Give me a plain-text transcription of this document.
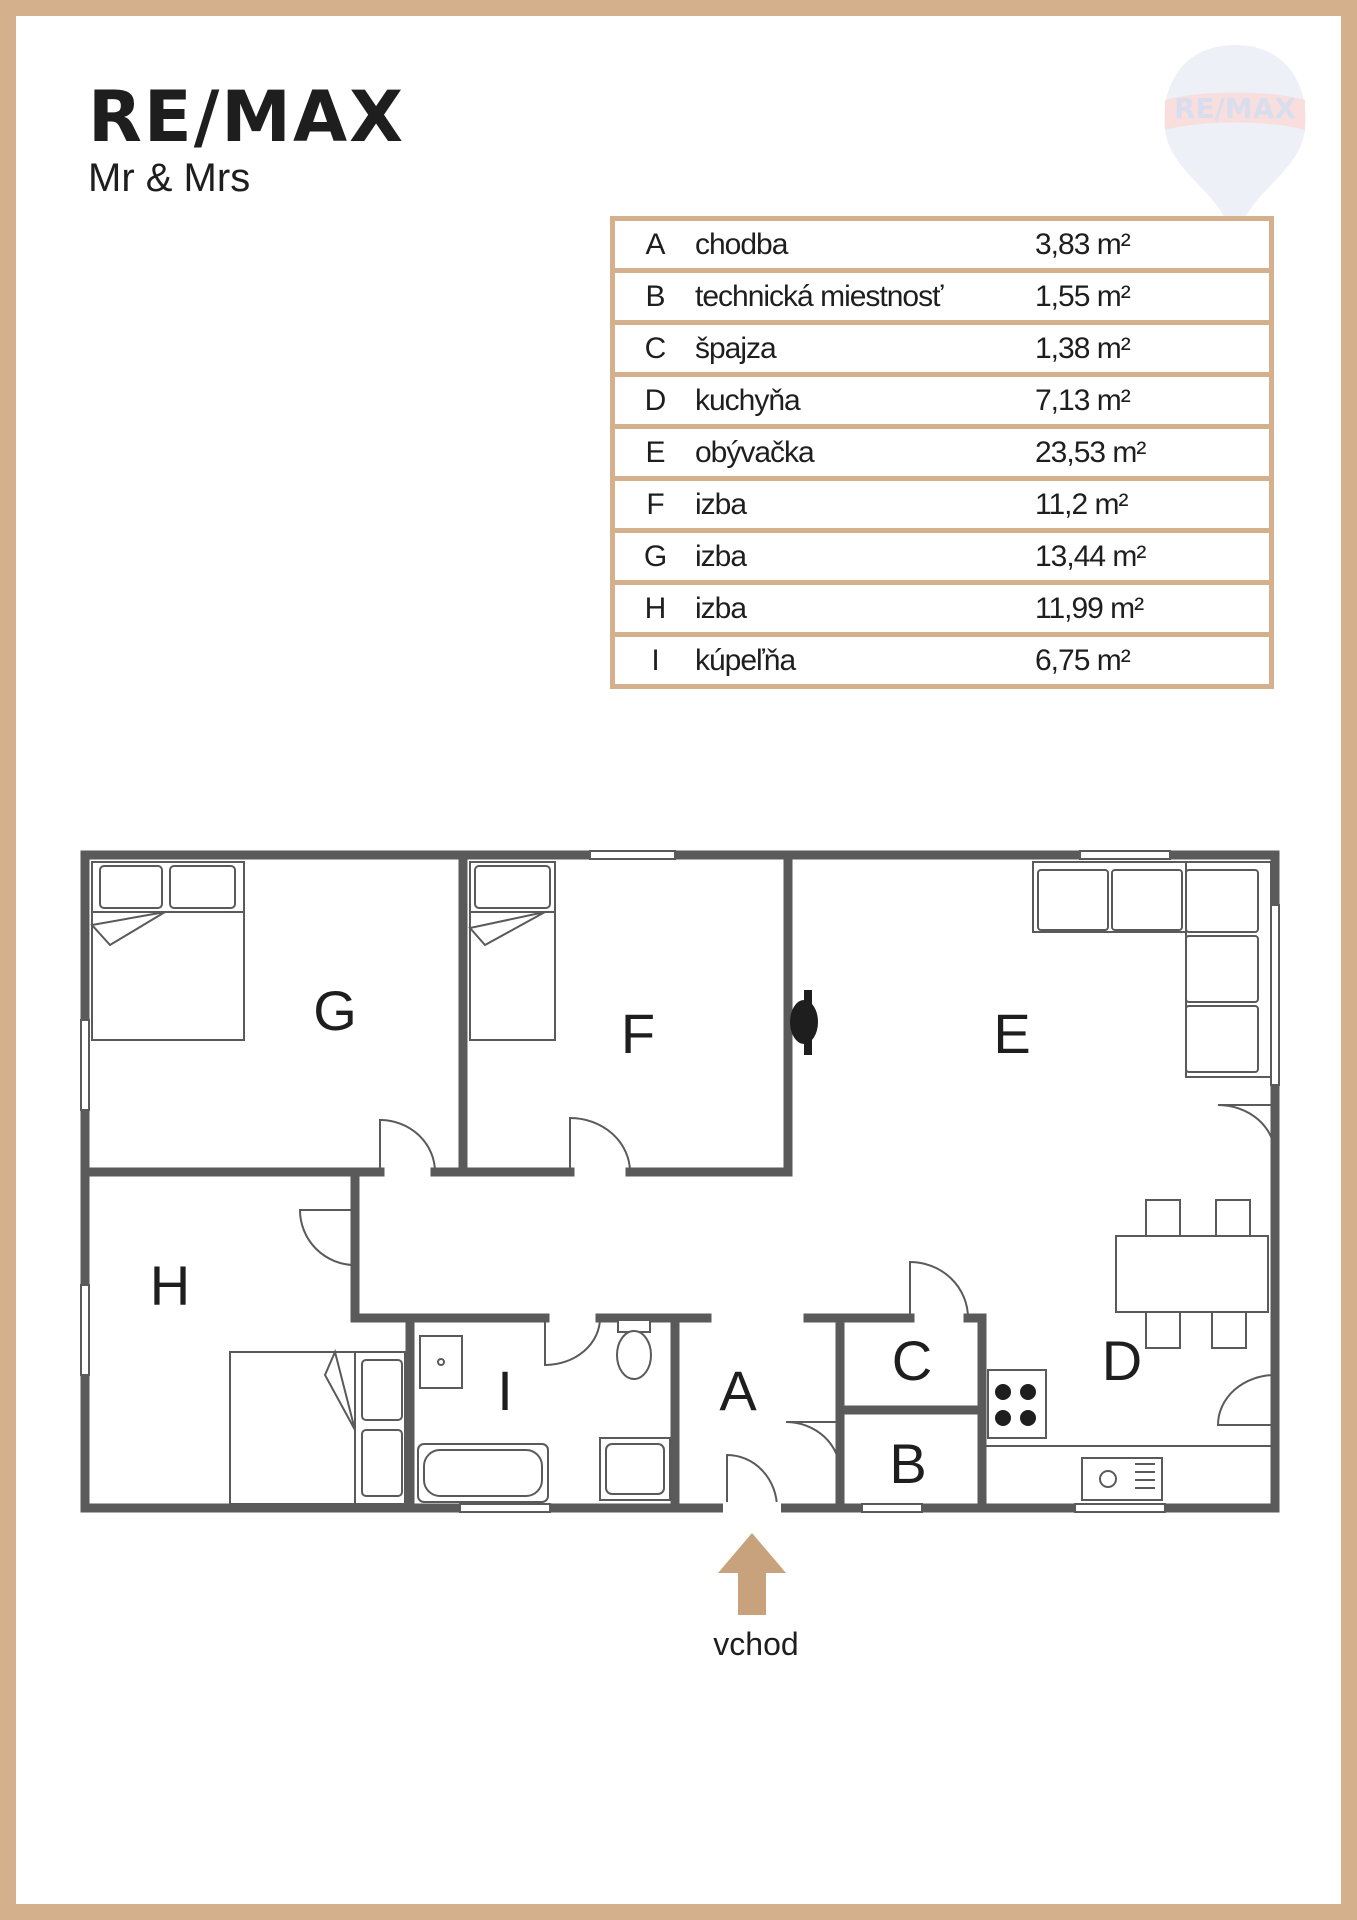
RE/MAX
Mr & Mrs
RE/MAX
A	chodba	3,83 m²
B	technická miestnosť	1,55 m²
C	špajza	1,38 m²
D	kuchyňa	7,13 m²
E	obývačka	23,53 m²
F	izba	11,2 m²
G	izba	13,44 m²
H	izba	11,99 m²
I	kúpeľňa	6,75 m²
G	F	E
H
I	A C
B
D
vchod
